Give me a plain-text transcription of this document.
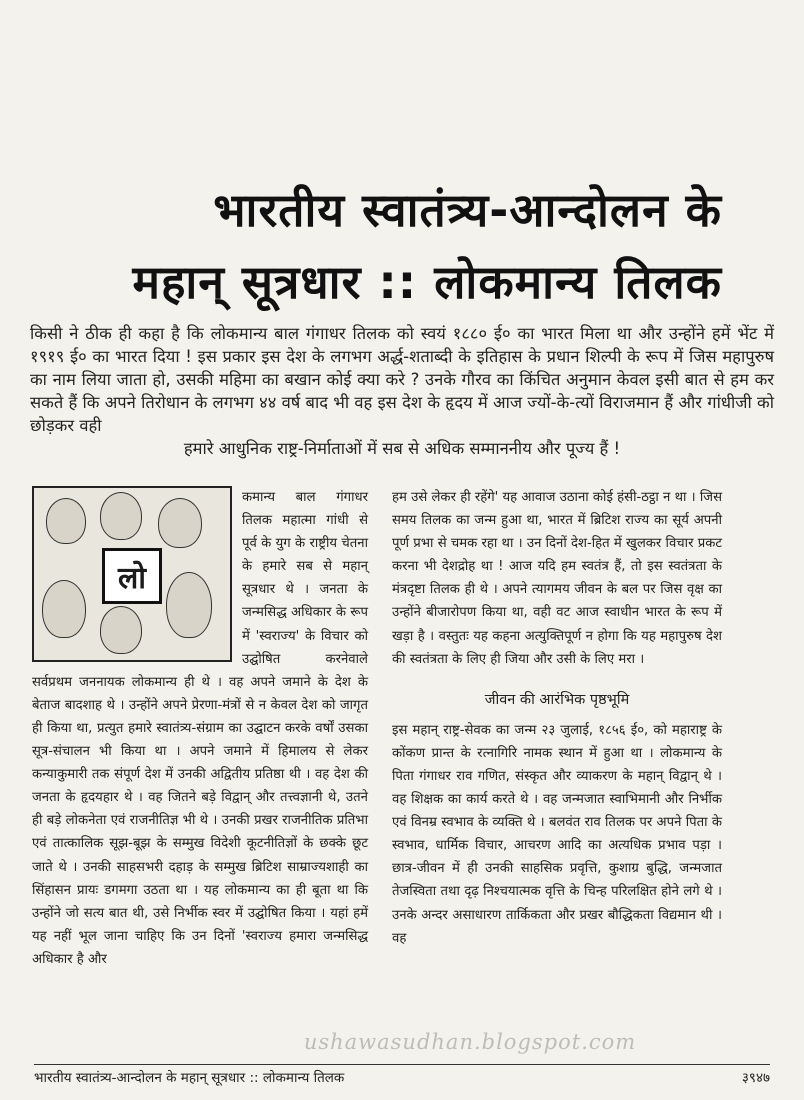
भारतीय स्वातंत्र्य-आन्दोलन के
महान् सूत्रधार :: लोकमान्य तिलक
किसी ने ठीक ही कहा है कि लोकमान्य बाल गंगाधर तिलक को स्वयं १८८० ई० का भारत मिला था और उन्होंने हमें भेंट में १९१९ ई० का भारत दिया ! इस प्रकार इस देश के लगभग अर्द्ध-शताब्दी के इतिहास के प्रधान शिल्पी के रूप में जिस महापुरुष का नाम लिया जाता हो, उसकी महिमा का बखान कोई क्या करे ? उनके गौरव का किंचित अनुमान केवल इसी बात से हम कर सकते हैं कि अपने तिरोधान के लगभग ४४ वर्ष बाद भी वह इस देश के हृदय में आज ज्यों-के-त्यों विराजमान हैं और गांधीजी को छोड़कर वही
हमारे आधुनिक राष्ट्र-निर्माताओं में सब से अधिक सम्माननीय और पूज्य हैं !
लो

कमान्य बाल गंगाधर तिलक महात्मा गांधी से पूर्व के युग के राष्ट्रीय चेतना के हमारे सब से महान् सूत्रधार थे । जनता के जन्मसिद्ध अधिकार के रूप में 'स्वराज्य' के विचार को उद्घोषित करनेवाले सर्वप्रथम जननायक लोकमान्य ही थे । वह अपने जमाने के देश के बेताज बादशाह थे । उन्होंने अपने प्रेरणा-मंत्रों से न केवल देश को जागृत ही किया था, प्रत्युत हमारे स्वातंत्र्य-संग्राम का उद्घाटन करके वर्षों उसका सूत्र-संचालन भी किया था । अपने जमाने में हिमालय से लेकर कन्याकुमारी तक संपूर्ण देश में उनकी अद्वितीय प्रतिष्ठा थी । वह देश की जनता के हृदयहार थे । वह जितने बड़े विद्वान् और तत्त्वज्ञानी थे, उतने ही बड़े लोकनेता एवं राजनीतिज्ञ भी थे । उनकी प्रखर राजनीतिक प्रतिभा एवं तात्कालिक सूझ-बूझ के सम्मुख विदेशी कूटनीतिज्ञों के छक्के छूट जाते थे । उनकी साहसभरी दहाड़ के सम्मुख ब्रिटिश साम्राज्यशाही का सिंहासन प्रायः डगमगा उठता था । यह लोकमान्य का ही बूता था कि उन्होंने जो सत्य बात थी, उसे निर्भीक स्वर में उद्घोषित किया । यहां हमें यह नहीं भूल जाना चाहिए कि उन दिनों 'स्वराज्य हमारा जन्मसिद्ध अधिकार है और

हम उसे लेकर ही रहेंगे' यह आवाज उठाना कोई हंसी-ठट्ठा न था । जिस समय तिलक का जन्म हुआ था, भारत में ब्रिटिश राज्य का सूर्य अपनी पूर्ण प्रभा से चमक रहा था । उन दिनों देश-हित में खुलकर विचार प्रकट करना भी देशद्रोह था ! आज यदि हम स्वतंत्र हैं, तो इस स्वतंत्रता के मंत्रदृष्टा तिलक ही थे । अपने त्यागमय जीवन के बल पर जिस वृक्ष का उन्होंने बीजारोपण किया था, वही वट आज स्वाधीन भारत के रूप में खड़ा है । वस्तुतः यह कहना अत्युक्तिपूर्ण न होगा कि यह महापुरुष देश की स्वतंत्रता के लिए ही जिया और उसी के लिए मरा ।

जीवन की आरंभिक पृष्ठभूमि

इस महान् राष्ट्र-सेवक का जन्म २३ जुलाई, १८५६ ई०, को महाराष्ट्र के कोंकण प्रान्त के रत्नागिरि नामक स्थान में हुआ था । लोकमान्य के पिता गंगाधर राव गणित, संस्कृत और व्याकरण के महान् विद्वान् थे । वह शिक्षक का कार्य करते थे । वह जन्मजात स्वाभिमानी और निर्भीक एवं विनम्र स्वभाव के व्यक्ति थे । बलवंत राव तिलक पर अपने पिता के स्वभाव, धार्मिक विचार, आचरण आदि का अत्यधिक प्रभाव पड़ा । छात्र-जीवन में ही उनकी साहसिक प्रवृत्ति, कुशाग्र बुद्धि, जन्मजात तेजस्विता तथा दृढ़ निश्चयात्मक वृत्ति के चिन्ह परिलक्षित होने लगे थे । उनके अन्दर असाधारण तार्किकता और प्रखर बौद्धिकता विद्यमान थी । वह

ushawasudhan.blogspot.com
भारतीय स्वातंत्र्य-आन्दोलन के महान् सूत्रधार :: लोकमान्य तिलक	३९४७
